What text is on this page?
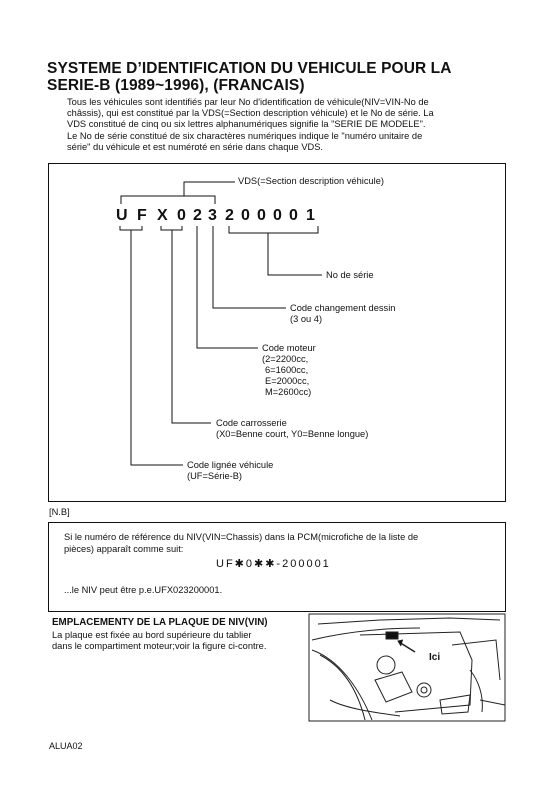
SYSTEME D’IDENTIFICATION DU VEHICULE POUR LA
SERIE-B (1989~1996), (FRANCAIS)
Tous les véhicules sont identifiés par leur No d'identification de véhicule(NIV=VIN-No de
châssis), qui est constitué par la VDS(=Section description véhicule) et le No de série. La
VDS constitué de cinq ou six lettres alphanumériques signifie la "SERIE DE MODELE".
Le No de série constitué de six charactères numériques indique le "numéro unitaire de
série" du véhicule et est numéroté en série dans chaque VDS.
U F X 0 2 3 2 0 0 0 0 1
VDS(=Section description véhicule)
No de série
Code changement dessin
(3 ou 4)
Code moteur
(2=2200cc,
6=1600cc,
E=2000cc,
M=2600cc)
Code carrosserie
(X0=Benne court, Y0=Benne longue)
Code lignée véhicule
(UF=Série-B)
[N.B]
Si le numéro de référence du NIV(VIN=Chassis) dans la PCM(microfiche de la liste de
pièces) apparaît comme suit:
UF✱0✱✱-200001
...le NIV peut être p.e.UFX023200001.
EMPLACEMENTY DE LA PLAQUE DE NIV(VIN)
La plaque est fixée au bord supérieure du tablier
dans le compartiment moteur;voir la figure ci-contre.
Ici
ALUA02
